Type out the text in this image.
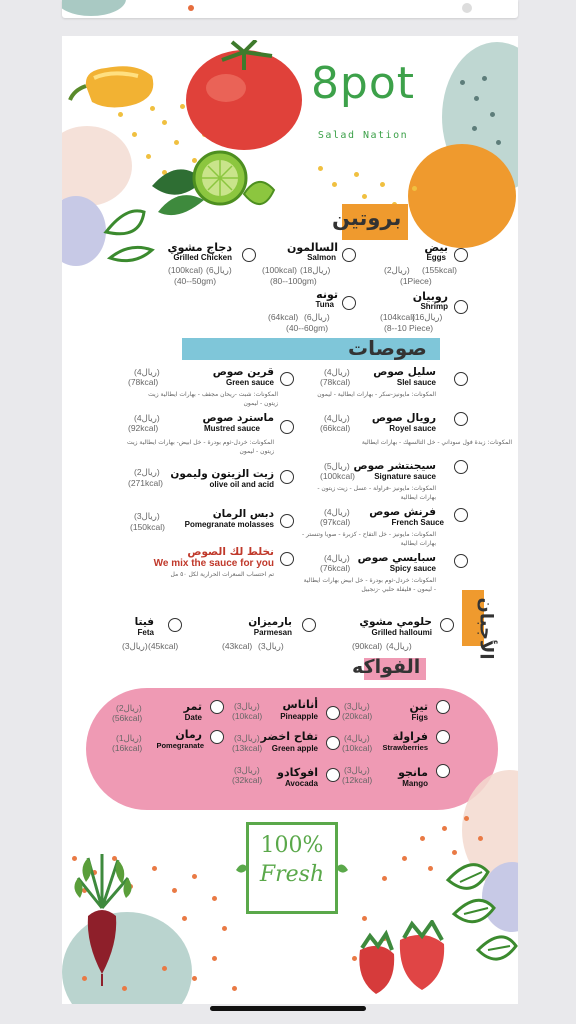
8pot
Salad Nation
بروتين
بيض
Eggs
(2ريال) (155kcal)
(1Piece)
السالمون
Salmon
(18ريال)
(100kcal)
(80--100gm)
دجاج مشوي
Grilled Chicken
(6ريال)
(100kcal)
(40--50gm)
روبيان
Shrimp
(16ريال)
(104kcal)
(8--10 Piece)
تونه
Tuna
(6ريال)
(64kcal)
(40--60gm)
صوصات
سليل صوص
Slel sauce
(4ريال)
(78kcal)
المكونات: مايونيز-سكر - بهارات ايطالية - ليمون
رويال صوص
Royel sauce
(4ريال)
(66kcal)
المكونات: زبدة فول سوداني - خل التالسهك - بهارات ايطالية
سيجنتشر صوص
Signature sauce
(5ريال)
(100kcal)
المكونات: مايونيز -فراولة - عسل - زيت زيتون - بهارات ايطالية
فرنش صوص
French Sauce
(4ريال)
(97kcal)
المكونات: مايونيز - خل التفاح - كزبرة - صويا وتنستر - بهارات ايطالية
سبايسي صوص
Spicy sauce
(4ريال)
(76kcal)
المكونات: خردل-ثوم بودرة - خل ابيض بهارات ايطالية - ليمون - فليفلة حلبي -زنجبيل
قرين صوص
Green sauce
(4ريال)
(78kcal)
المكونات: شبت -ريحان مجفف - بهارات ايطالية زيت زيتون - ليمون
ماسترد صوص
Mustred sauce
(4ريال)
(92kcal)
المكونات: خردل-ثوم بودرة - خل ابيض- بهارات ايطالية زيت زيتون - ليمون
زيت الزيتون وليمون
olive oil and acid
(2ريال)
(271kcal)
دبس الرمان
Pomegranate molasses
(3ريال)
(150kcal)
نخلط لك الصوص
We mix the sauce for you
تم احتساب السعرات الحرارية لكل ٥٠ مل
الأجبان
حلومي مشوي
Grilled halloumi
(4ريال)
(90kcal)
بارميزان
Parmesan
(3ريال)
(43kcal)
فيتا
Feta
(3ريال) (45kcal)
الفواكه
تين
Figs
(3ريال)
(20kcal)
فراولة
Strawberries
(4ريال)
(10kcal)
مانجو
Mango
(3ريال)
(12kcal)
أناناس
Pineapple
(3ريال)
(10kcal)
تفاح اخضر
Green apple
(3ريال)
(13kcal)
افوكادو
Avocada
(3ريال)
(32kcal)
تمر
Date
(2ريال)
(56kcal)
رمان
Pomegranate
(1ريال)
(16kcal)
100%
Fresh
